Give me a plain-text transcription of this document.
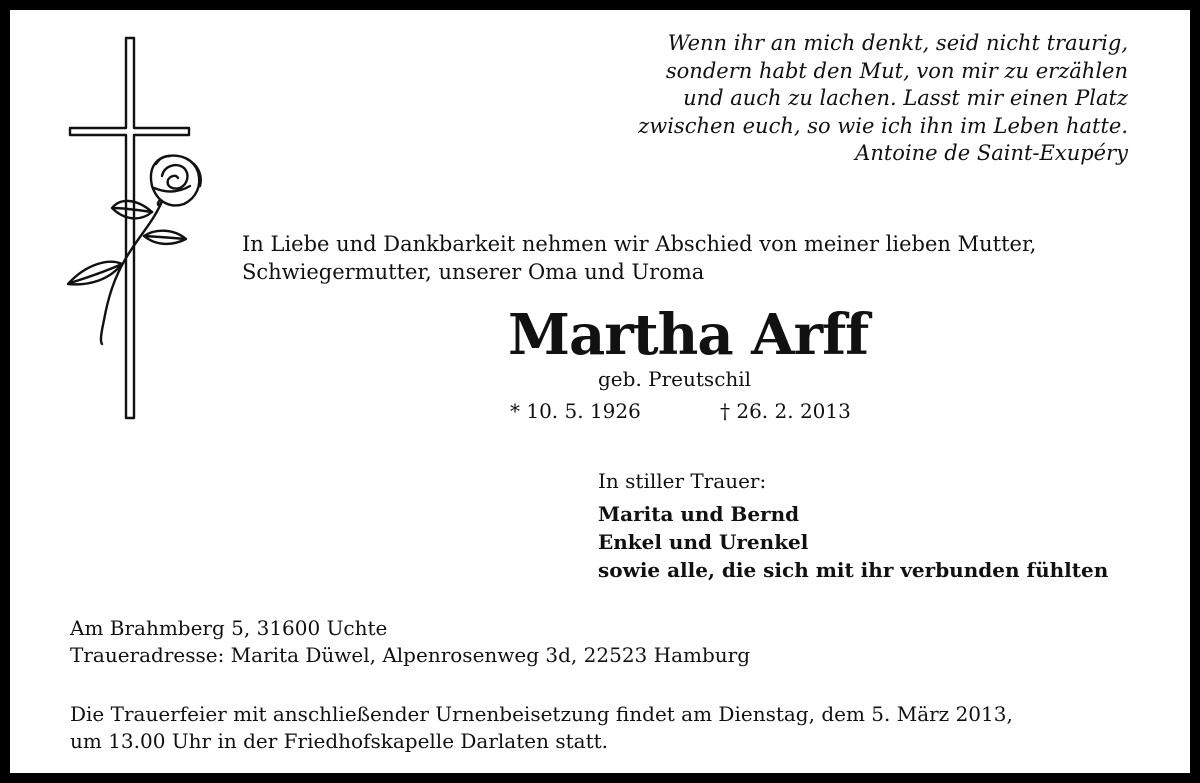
Wenn ihr an mich denkt, seid nicht traurig,
sondern habt den Mut, von mir zu erzählen
und auch zu lachen. Lasst mir einen Platz
zwischen euch, so wie ich ihn im Leben hatte.
Antoine de Saint-Exupéry
In Liebe und Dankbarkeit nehmen wir Abschied von meiner lieben Mutter,
Schwiegermutter, unserer Oma und Uroma
Martha Arff
geb. Preutschil
* 10. 5. 1926	† 26. 2. 2013
In stiller Trauer:
Marita und Bernd
Enkel und Urenkel
sowie alle, die sich mit ihr verbunden fühlten
Am Brahmberg 5, 31600 Uchte
Traueradresse: Marita Düwel, Alpenrosenweg 3d, 22523 Hamburg
Die Trauerfeier mit anschließender Urnenbeisetzung findet am Dienstag, dem 5. März 2013,
um 13.00 Uhr in der Friedhofskapelle Darlaten statt.
